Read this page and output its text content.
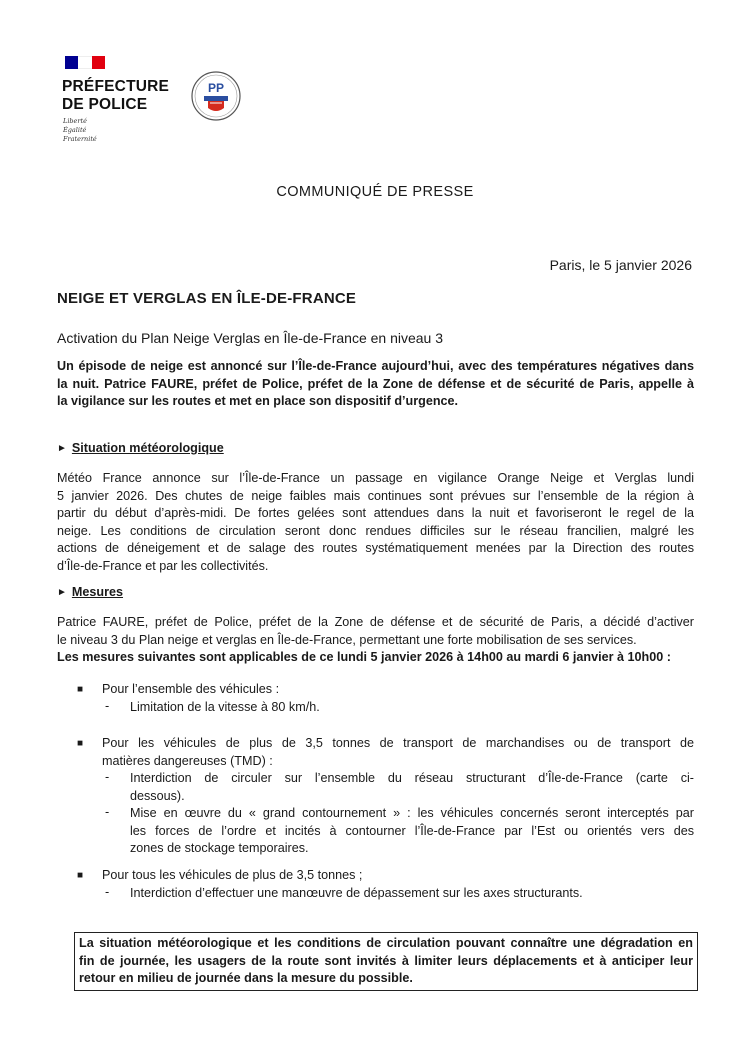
PRÉFECTURE
DE POLICE
Liberté
Égalité
Fraternité
PP
COMMUNIQUÉ DE PRESSE
Paris, le 5 janvier 2026
NEIGE ET VERGLAS EN ÎLE-DE-FRANCE
Activation du Plan Neige Verglas en Île-de-France en niveau 3
Un épisode de neige est annoncé sur l’Île-de-France aujourd’hui, avec des températures négatives dans
la nuit. Patrice FAURE, préfet de Police, préfet de la Zone de défense et de sécurité de Paris, appelle à
la vigilance sur les routes et met en place son dispositif d’urgence.
► Situation météorologique
Météo France annonce sur l’Île-de-France un passage en vigilance Orange Neige et Verglas lundi
5 janvier 2026. Des chutes de neige faibles mais continues sont prévues sur l’ensemble de la région à
partir du début d’après-midi. De fortes gelées sont attendues dans la nuit et favoriseront le regel de la
neige. Les conditions de circulation seront donc rendues difficiles sur le réseau francilien, malgré les
actions de déneigement et de salage des routes systématiquement menées par la Direction des routes
d’Île-de-France et par les collectivités.
► Mesures
Patrice FAURE, préfet de Police, préfet de la Zone de défense et de sécurité de Paris, a décidé d’activer
le niveau 3 du Plan neige et verglas en Île-de-France, permettant une forte mobilisation de ses services.
Les mesures suivantes sont applicables de ce lundi 5 janvier 2026 à 14h00 au mardi 6 janvier à 10h00 :
■ Pour l’ensemble des véhicules :
- Limitation de la vitesse à 80 km/h.
■ Pour les véhicules de plus de 3,5 tonnes de transport de marchandises ou de transport de
matières dangereuses (TMD) :
- Interdiction de circuler sur l’ensemble du réseau structurant d’Île-de-France (carte ci-
dessous).
- Mise en œuvre du « grand contournement » : les véhicules concernés seront interceptés par
les forces de l’ordre et incités à contourner l’Île-de-France par l’Est ou orientés vers des
zones de stockage temporaires.
■ Pour tous les véhicules de plus de 3,5 tonnes ;
- Interdiction d’effectuer une manœuvre de dépassement sur les axes structurants.
La situation météorologique et les conditions de circulation pouvant connaître une dégradation en
fin de journée, les usagers de la route sont invités à limiter leurs déplacements et à anticiper leur
retour en milieu de journée dans la mesure du possible.
